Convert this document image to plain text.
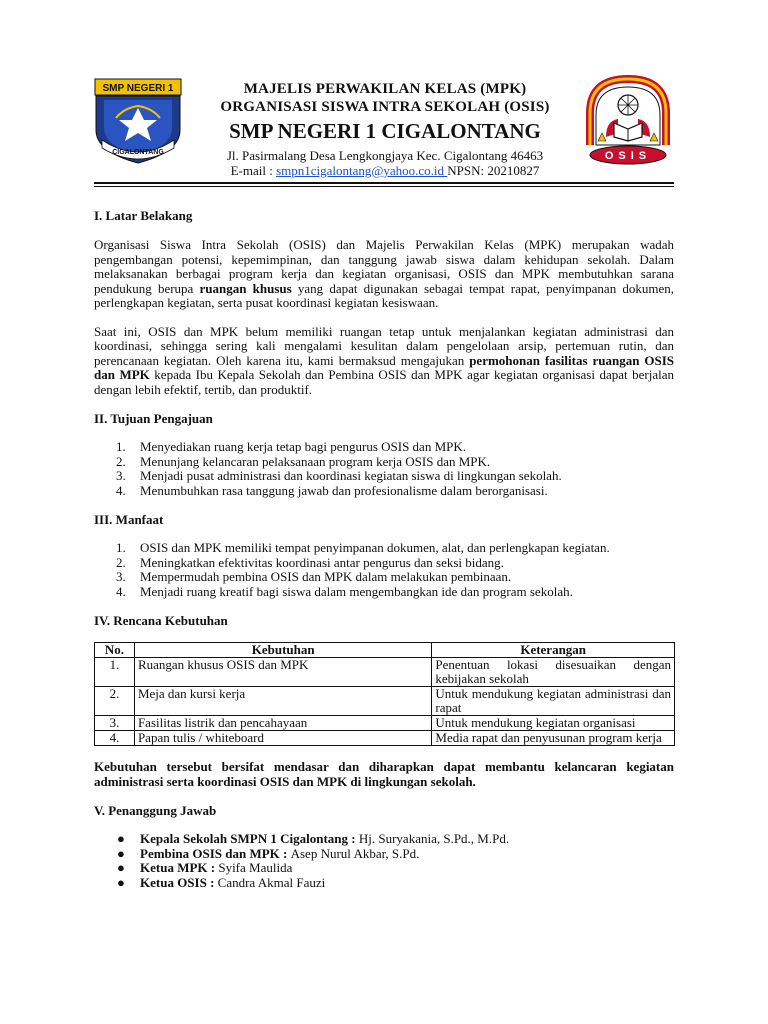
SMP NEGERI 1
CIGALONTANG
MAJELIS PERWAKILAN KELAS (MPK)
ORGANISASI SISWA INTRA SEKOLAH (OSIS)
SMP NEGERI 1 CIGALONTANG
Jl. Pasirmalang Desa Lengkongjaya Kec. Cigalontang 46463
E-mail : smpn1cigalontang@yahoo.co.id NPSN: 20210827
OSIS
I. Latar Belakang

Organisasi Siswa Intra Sekolah (OSIS) dan Majelis Perwakilan Kelas (MPK) merupakan wadah pengembangan potensi, kepemimpinan, dan tanggung jawab siswa dalam kehidupan sekolah. Dalam melaksanakan berbagai program kerja dan kegiatan organisasi, OSIS dan MPK membutuhkan sarana pendukung berupa ruangan khusus yang dapat digunakan sebagai tempat rapat, penyimpanan dokumen, perlengkapan kegiatan, serta pusat koordinasi kegiatan kesiswaan.

Saat ini, OSIS dan MPK belum memiliki ruangan tetap untuk menjalankan kegiatan administrasi dan koordinasi, sehingga sering kali mengalami kesulitan dalam pengelolaan arsip, pertemuan rutin, dan perencanaan kegiatan. Oleh karena itu, kami bermaksud mengajukan permohonan fasilitas ruangan OSIS dan MPK kepada Ibu Kepala Sekolah dan Pembina OSIS dan MPK agar kegiatan organisasi dapat berjalan dengan lebih efektif, tertib, dan produktif.

II. Tujuan Pengajuan
1. Menyediakan ruang kerja tetap bagi pengurus OSIS dan MPK.
2. Menunjang kelancaran pelaksanaan program kerja OSIS dan MPK.
3. Menjadi pusat administrasi dan koordinasi kegiatan siswa di lingkungan sekolah.
4. Menumbuhkan rasa tanggung jawab dan profesionalisme dalam berorganisasi.
III. Manfaat
1. OSIS dan MPK memiliki tempat penyimpanan dokumen, alat, dan perlengkapan kegiatan.
2. Meningkatkan efektivitas koordinasi antar pengurus dan seksi bidang.
3. Mempermudah pembina OSIS dan MPK dalam melakukan pembinaan.
4. Menjadi ruang kreatif bagi siswa dalam mengembangkan ide dan program sekolah.
IV. Rencana Kebutuhan
No.	Kebutuhan	Keterangan
1.	Ruangan khusus OSIS dan MPK	Penentuan lokasi disesuaikan dengan kebijakan sekolah
2.	Meja dan kursi kerja	Untuk mendukung kegiatan administrasi dan rapat
3.	Fasilitas listrik dan pencahayaan	Untuk mendukung kegiatan organisasi
4.	Papan tulis / whiteboard	Media rapat dan penyusunan program kerja

Kebutuhan tersebut bersifat mendasar dan diharapkan dapat membantu kelancaran kegiatan administrasi serta koordinasi OSIS dan MPK di lingkungan sekolah.

V. Penanggung Jawab
● Kepala Sekolah SMPN 1 Cigalontang : Hj. Suryakania, S.Pd., M.Pd.
● Pembina OSIS dan MPK : Asep Nurul Akbar, S.Pd.
● Ketua MPK : Syifa Maulida
● Ketua OSIS : Candra Akmal Fauzi
